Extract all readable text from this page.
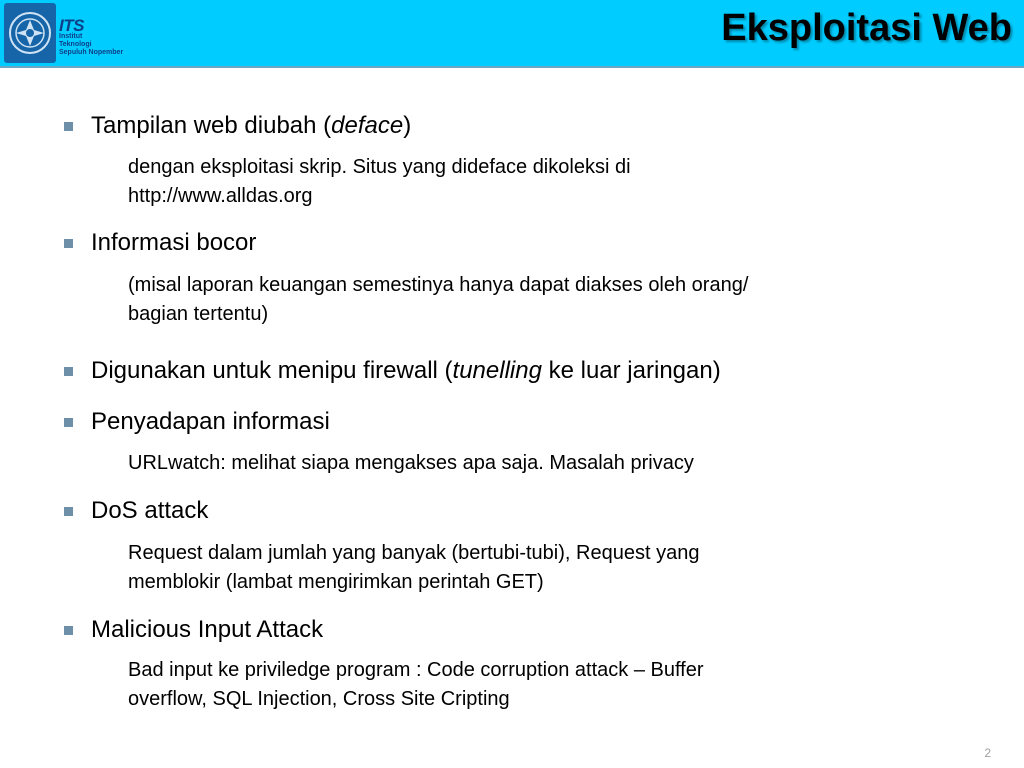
ITS
Institut
Teknologi
Sepuluh Nopember
Eksploitasi Web
Tampilan web diubah (deface)
dengan eksploitasi skrip. Situs yang dideface dikoleksi di
http://www.alldas.org
Informasi bocor
(misal laporan keuangan semestinya hanya dapat diakses oleh orang/
bagian tertentu)
Digunakan untuk menipu firewall (tunelling ke luar jaringan)
Penyadapan informasi
URLwatch: melihat siapa mengakses apa saja. Masalah privacy
DoS attack
Request dalam jumlah yang banyak (bertubi-tubi), Request yang
memblokir (lambat mengirimkan perintah GET)
Malicious Input Attack
Bad input ke priviledge program : Code corruption attack – Buffer
overflow, SQL Injection, Cross Site Cripting
2
